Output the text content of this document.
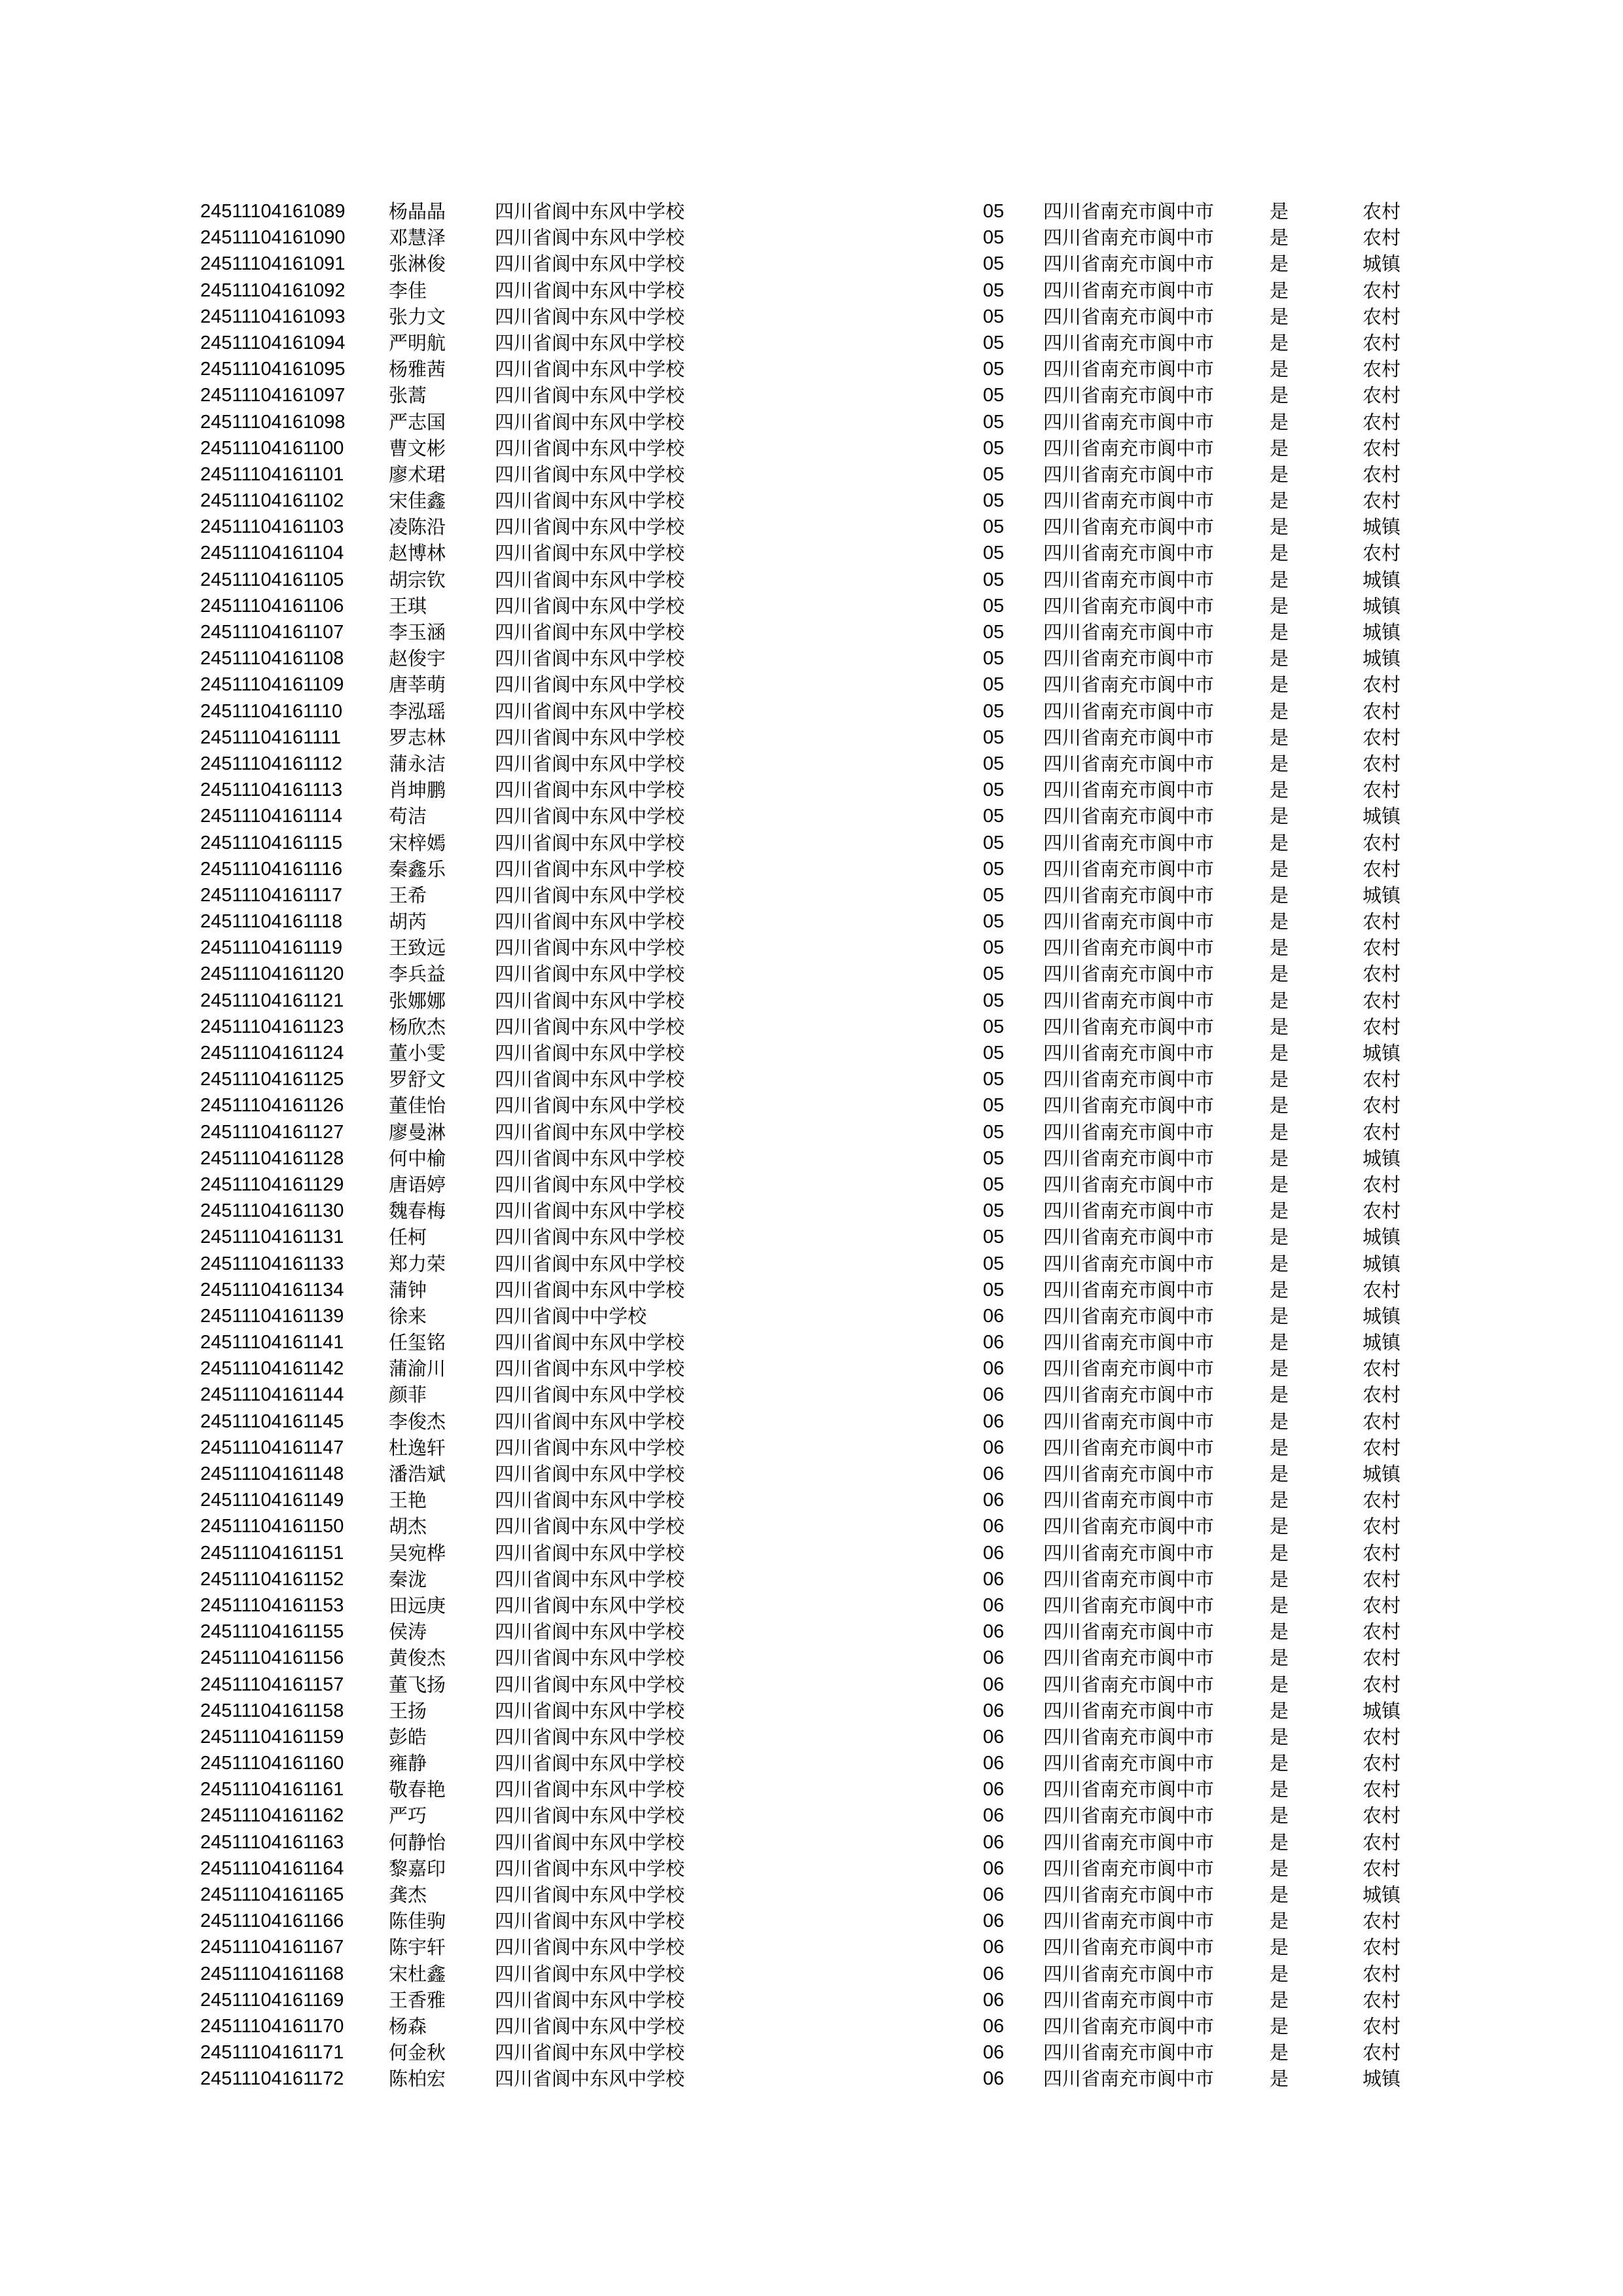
24511104161089 杨晶晶	四川省阆中东风中学校	05 四川省南充市阆中市	是	农村
24511104161090 邓慧泽	四川省阆中东风中学校	05 四川省南充市阆中市	是	农村
24511104161091 张淋俊	四川省阆中东风中学校	05 四川省南充市阆中市	是	城镇
24511104161092 李佳	四川省阆中东风中学校	05 四川省南充市阆中市	是	农村
24511104161093 张力文	四川省阆中东风中学校	05 四川省南充市阆中市	是	农村
24511104161094 严明航	四川省阆中东风中学校	05 四川省南充市阆中市	是	农村
24511104161095 杨雅茜	四川省阆中东风中学校	05 四川省南充市阆中市	是	农村
24511104161097 张蒿	四川省阆中东风中学校	05 四川省南充市阆中市	是	农村
24511104161098 严志国	四川省阆中东风中学校	05 四川省南充市阆中市	是	农村
24511104161100 曹文彬	四川省阆中东风中学校	05 四川省南充市阆中市	是	农村
24511104161101 廖术珺	四川省阆中东风中学校	05 四川省南充市阆中市	是	农村
24511104161102 宋佳鑫	四川省阆中东风中学校	05 四川省南充市阆中市	是	农村
24511104161103 凌陈沿	四川省阆中东风中学校	05 四川省南充市阆中市	是	城镇
24511104161104 赵博林	四川省阆中东风中学校	05 四川省南充市阆中市	是	农村
24511104161105 胡宗钦	四川省阆中东风中学校	05 四川省南充市阆中市	是	城镇
24511104161106 王琪	四川省阆中东风中学校	05 四川省南充市阆中市	是	城镇
24511104161107 李玉涵	四川省阆中东风中学校	05 四川省南充市阆中市	是	城镇
24511104161108 赵俊宇	四川省阆中东风中学校	05 四川省南充市阆中市	是	城镇
24511104161109 唐莘萌	四川省阆中东风中学校	05 四川省南充市阆中市	是	农村
24511104161110 李泓瑶	四川省阆中东风中学校	05 四川省南充市阆中市	是	农村
24511104161111	罗志林	四川省阆中东风中学校	05 四川省南充市阆中市	是	农村
24511104161112 蒲永洁	四川省阆中东风中学校	05 四川省南充市阆中市	是	农村
24511104161113 肖坤鹏	四川省阆中东风中学校	05 四川省南充市阆中市	是	农村
24511104161114 苟洁	四川省阆中东风中学校	05 四川省南充市阆中市	是	城镇
24511104161115 宋梓嫣	四川省阆中东风中学校	05 四川省南充市阆中市	是	农村
24511104161116 秦鑫乐	四川省阆中东风中学校	05 四川省南充市阆中市	是	农村
24511104161117 王希	四川省阆中东风中学校	05 四川省南充市阆中市	是	城镇
24511104161118 胡芮	四川省阆中东风中学校	05 四川省南充市阆中市	是	农村
24511104161119 王致远	四川省阆中东风中学校	05 四川省南充市阆中市	是	农村
24511104161120 李兵益	四川省阆中东风中学校	05 四川省南充市阆中市	是	农村
24511104161121 张娜娜	四川省阆中东风中学校	05 四川省南充市阆中市	是	农村
24511104161123 杨欣杰	四川省阆中东风中学校	05 四川省南充市阆中市	是	农村
24511104161124 董小雯	四川省阆中东风中学校	05 四川省南充市阆中市	是	城镇
24511104161125 罗舒文	四川省阆中东风中学校	05 四川省南充市阆中市	是	农村
24511104161126 董佳怡	四川省阆中东风中学校	05 四川省南充市阆中市	是	农村
24511104161127 廖曼淋	四川省阆中东风中学校	05 四川省南充市阆中市	是	农村
24511104161128 何中榆	四川省阆中东风中学校	05 四川省南充市阆中市	是	城镇
24511104161129 唐语婷	四川省阆中东风中学校	05 四川省南充市阆中市	是	农村
24511104161130 魏春梅	四川省阆中东风中学校	05 四川省南充市阆中市	是	农村
24511104161131 任柯	四川省阆中东风中学校	05 四川省南充市阆中市	是	城镇
24511104161133 郑力荣	四川省阆中东风中学校	05 四川省南充市阆中市	是	城镇
24511104161134 蒲钟	四川省阆中东风中学校	05 四川省南充市阆中市	是	农村
24511104161139 徐来	四川省阆中中学校	06 四川省南充市阆中市	是	城镇
24511104161141 任玺铭	四川省阆中东风中学校	06 四川省南充市阆中市	是	城镇
24511104161142 蒲渝川	四川省阆中东风中学校	06 四川省南充市阆中市	是	农村
24511104161144 颜菲	四川省阆中东风中学校	06 四川省南充市阆中市	是	农村
24511104161145 李俊杰	四川省阆中东风中学校	06 四川省南充市阆中市	是	农村
24511104161147 杜逸轩	四川省阆中东风中学校	06 四川省南充市阆中市	是	农村
24511104161148 潘浩斌	四川省阆中东风中学校	06 四川省南充市阆中市	是	城镇
24511104161149 王艳	四川省阆中东风中学校	06 四川省南充市阆中市	是	农村
24511104161150 胡杰	四川省阆中东风中学校	06 四川省南充市阆中市	是	农村
24511104161151 吴宛桦	四川省阆中东风中学校	06 四川省南充市阆中市	是	农村
24511104161152 秦泷	四川省阆中东风中学校	06 四川省南充市阆中市	是	农村
24511104161153 田远庚	四川省阆中东风中学校	06 四川省南充市阆中市	是	农村
24511104161155 侯涛	四川省阆中东风中学校	06 四川省南充市阆中市	是	农村
24511104161156 黄俊杰	四川省阆中东风中学校	06 四川省南充市阆中市	是	农村
24511104161157 董飞扬	四川省阆中东风中学校	06 四川省南充市阆中市	是	农村
24511104161158 王扬	四川省阆中东风中学校	06 四川省南充市阆中市	是	城镇
24511104161159 彭皓	四川省阆中东风中学校	06 四川省南充市阆中市	是	农村
24511104161160 雍静	四川省阆中东风中学校	06 四川省南充市阆中市	是	农村
24511104161161 敬春艳	四川省阆中东风中学校	06 四川省南充市阆中市	是	农村
24511104161162 严巧	四川省阆中东风中学校	06 四川省南充市阆中市	是	农村
24511104161163 何静怡	四川省阆中东风中学校	06 四川省南充市阆中市	是	农村
24511104161164 黎嘉印	四川省阆中东风中学校	06 四川省南充市阆中市	是	农村
24511104161165 龚杰	四川省阆中东风中学校	06 四川省南充市阆中市	是	城镇
24511104161166 陈佳驹	四川省阆中东风中学校	06 四川省南充市阆中市	是	农村
24511104161167 陈宇轩	四川省阆中东风中学校	06 四川省南充市阆中市	是	农村
24511104161168 宋杜鑫	四川省阆中东风中学校	06 四川省南充市阆中市	是	农村
24511104161169 王香雅	四川省阆中东风中学校	06 四川省南充市阆中市	是	农村
24511104161170 杨森	四川省阆中东风中学校	06 四川省南充市阆中市	是	农村
24511104161171 何金秋	四川省阆中东风中学校	06 四川省南充市阆中市	是	农村
24511104161172 陈柏宏	四川省阆中东风中学校	06 四川省南充市阆中市	是	城镇
